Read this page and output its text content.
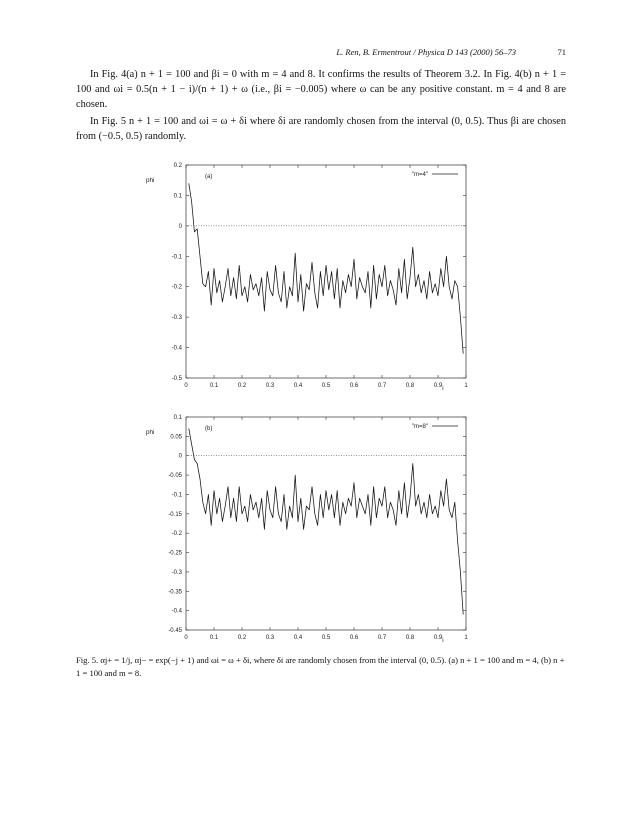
L. Ren, B. Ermentrout / Physica D 143 (2000) 56–73	71
In Fig. 4(a) n + 1 = 100 and βi = 0 with m = 4 and 8. It confirms the results of Theorem 3.2. In Fig. 4(b) n + 1 = 100 and ωi = 0.5(n + 1 − i)/(n + 1) + ω (i.e., βi = −0.005) where ω can be any positive constant. m = 4 and 8 are chosen.
In Fig. 5 n + 1 = 100 and ωi = ω + δi where δi are randomly chosen from the interval (0, 0.5). Thus βi are chosen from (−0.5, 0.5) randomly.
0.2
0.1
0
-0.1
-0.2
-0.3
-0.4
-0.5
0	0.1	0.2	0.3	0.4	0.5	0.6	0.7	0.8	0.9	1
phi
i
(a)	"m=4"
0.1
0.05
0
-0.05
-0.1
-0.15
-0.2
-0.25
-0.3
-0.35
-0.4
-0.45
0	0.1	0.2	0.3	0.4	0.5	0.6	0.7	0.8	0.9	1
phi
i
(b)	"m=8"
Fig. 5. αj+ = 1/j, αj− = exp(−j + 1) and ωi = ω + δi, where δi are randomly chosen from the interval (0, 0.5). (a) n + 1 = 100 and m = 4, (b) n + 1 = 100 and m = 8.
